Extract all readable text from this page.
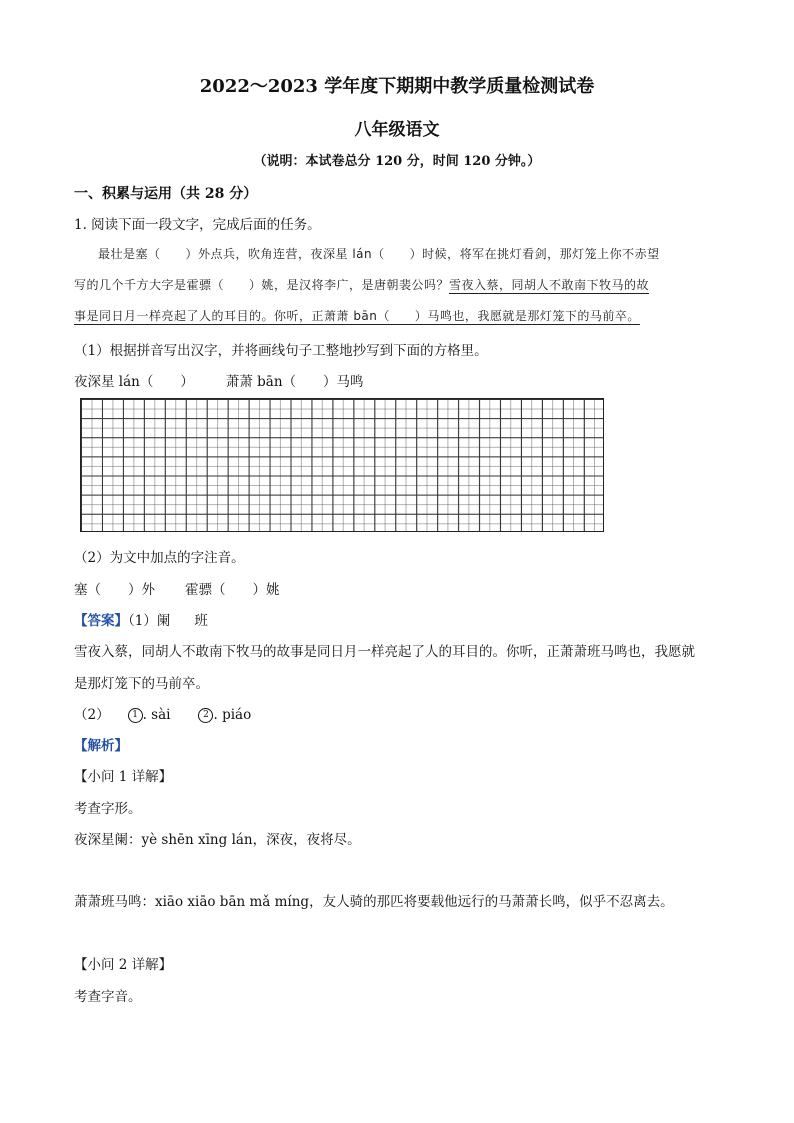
2022～2023 学年度下期期中教学质量检测试卷
八年级语文
（说明：本试卷总分 120 分，时间 120 分钟。）
一、积累与运用（共 28 分）
1. 阅读下面一段文字，完成后面的任务。
最壮是塞（　　）外点兵，吹角连营，夜深星 lán（　　）时候，将军在挑灯看剑，那灯笼上你不赤望
写的几个千方大字是霍骠（　　）姚，是汉将李广，是唐朝裴公吗？雪夜入蔡，同胡人不敢南下牧马的故
事是同日月一样亮起了人的耳目的。你听，正萧萧 bān（　　）马鸣也，我愿就是那灯笼下的马前卒。
（1）根据拼音写出汉字，并将画线句子工整地抄写到下面的方格里。
夜深星 lán（　　） 萧萧 bān（　　）马鸣
（2）为文中加点的字注音。
塞（　　）外 霍骠（　　）姚
【答案】（1）阑 班
雪夜入蔡，同胡人不敢南下牧马的故事是同日月一样亮起了人的耳目的。你听，正萧萧班马鸣也，我愿就
是那灯笼下的马前卒。
（2）	1 . sài	2 . piáo
【解析】
【小问 1 详解】
考查字形。
夜深星阑：yè shēn xīng lán，深夜，夜将尽。
萧萧班马鸣：xiāo xiāo bān mǎ míng，友人骑的那匹将要载他远行的马萧萧长鸣，似乎不忍离去。
【小问 2 详解】
考查字音。
